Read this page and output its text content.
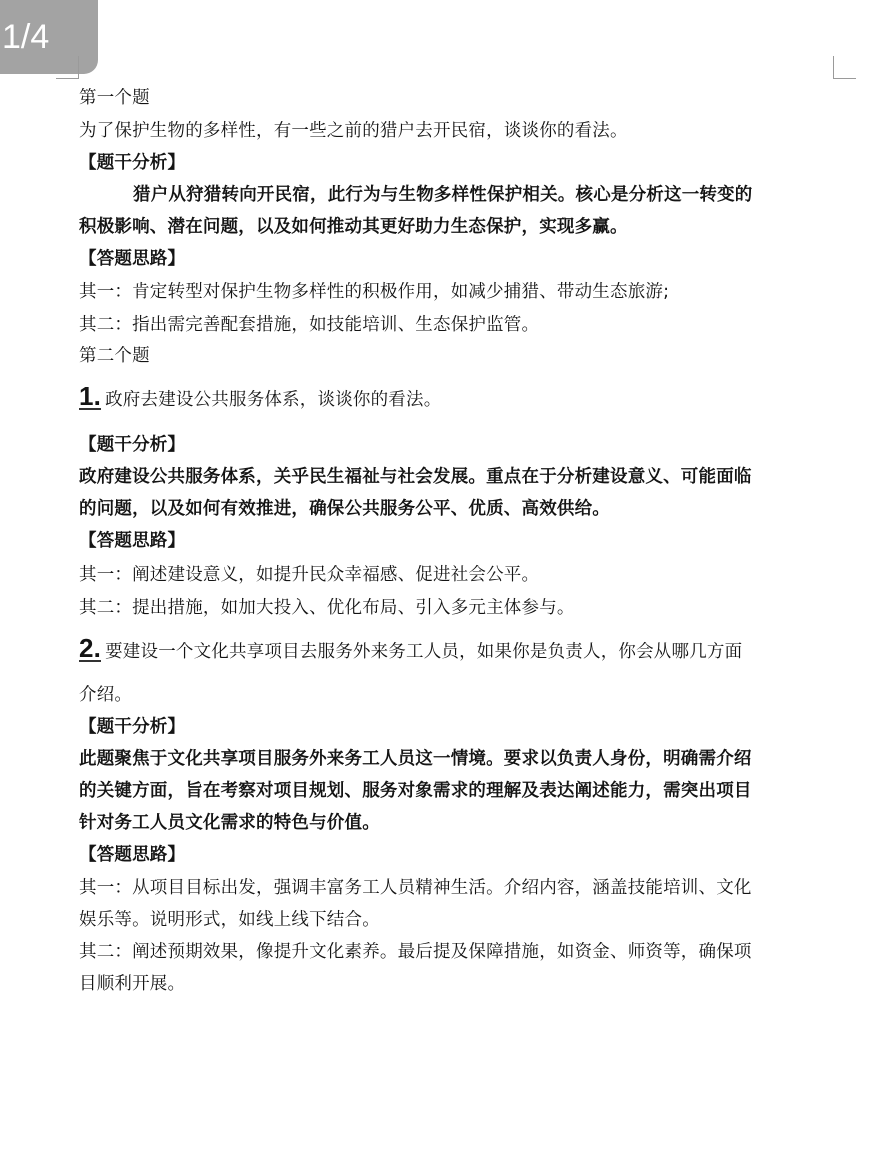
1/4
第一个题
为了保护生物的多样性，有一些之前的猎户去开民宿，谈谈你的看法。
【题干分析】
猎户从狩猎转向开民宿，此行为与生物多样性保护相关。核心是分析这一转变的
积极影响、潜在问题，以及如何推动其更好助力生态保护，实现多赢。
【答题思路】
其一：肯定转型对保护生物多样性的积极作用，如减少捕猎、带动生态旅游;
其二：指出需完善配套措施，如技能培训、生态保护监管。
第二个题
1. 政府去建设公共服务体系，谈谈你的看法。
【题干分析】
政府建设公共服务体系，关乎民生福祉与社会发展。重点在于分析建设意义、可能面临
的问题，以及如何有效推进，确保公共服务公平、优质、高效供给。
【答题思路】
其一：阐述建设意义，如提升民众幸福感、促进社会公平。
其二：提出措施，如加大投入、优化布局、引入多元主体参与。
2. 要建设一个文化共享项目去服务外来务工人员，如果你是负责人，你会从哪几方面
介绍。
【题干分析】
此题聚焦于文化共享项目服务外来务工人员这一情境。要求以负责人身份，明确需介绍
的关键方面，旨在考察对项目规划、服务对象需求的理解及表达阐述能力，需突出项目
针对务工人员文化需求的特色与价值。
【答题思路】
其一：从项目目标出发，强调丰富务工人员精神生活。介绍内容，涵盖技能培训、文化
娱乐等。说明形式，如线上线下结合。
其二：阐述预期效果，像提升文化素养。最后提及保障措施，如资金、师资等，确保项
目顺利开展。
